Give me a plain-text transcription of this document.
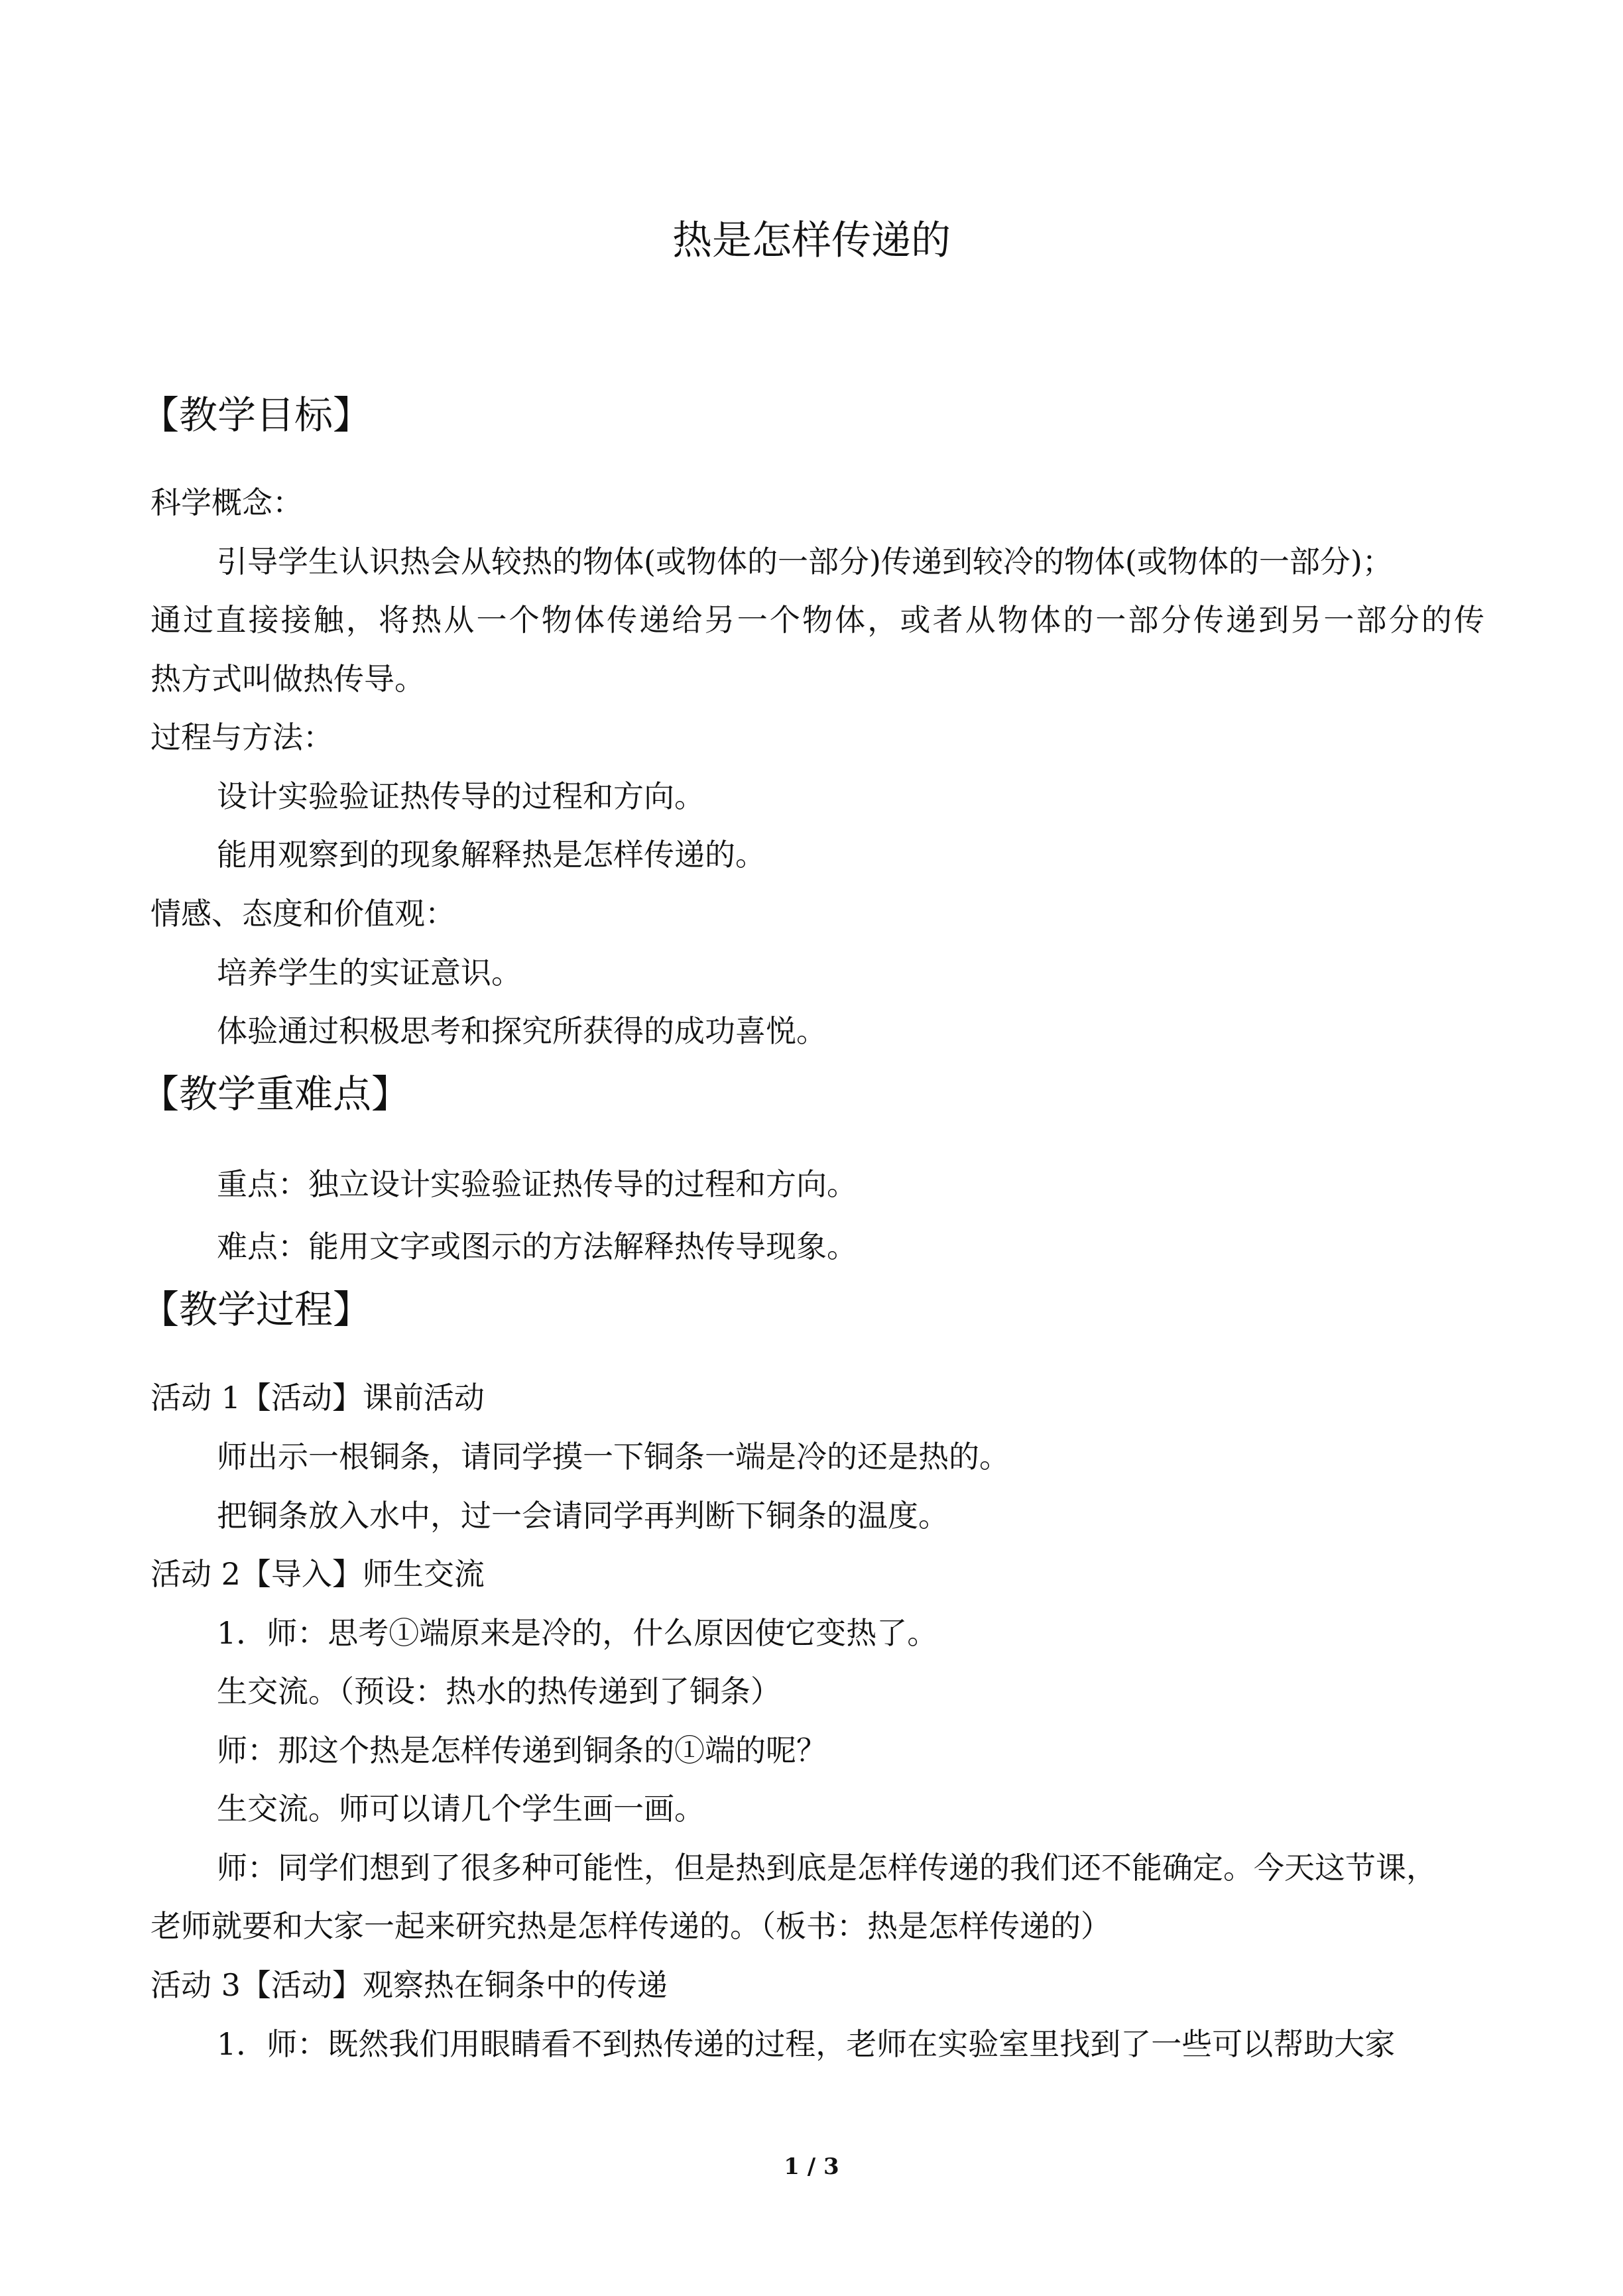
热是怎样传递的
【教学目标】
科学概念：
引导学生认识热会从较热的物体(或物体的一部分)传递到较冷的物体(或物体的一部分)；
通过直接接触，将热从一个物体传递给另一个物体，或者从物体的一部分传递到另一部分的传
热方式叫做热传导。
过程与方法：
设计实验验证热传导的过程和方向。
能用观察到的现象解释热是怎样传递的。
情感、态度和价值观：
培养学生的实证意识。
体验通过积极思考和探究所获得的成功喜悦。
【教学重难点】
重点：独立设计实验验证热传导的过程和方向。
难点：能用文字或图示的方法解释热传导现象。
【教学过程】
活动 1【活动】课前活动
师出示一根铜条，请同学摸一下铜条一端是冷的还是热的。
把铜条放入水中，过一会请同学再判断下铜条的温度。
活动 2【导入】师生交流
1．师：思考①端原来是冷的，什么原因使它变热了。
生交流。（预设：热水的热传递到了铜条）
师：那这个热是怎样传递到铜条的①端的呢？
生交流。师可以请几个学生画一画。
师：同学们想到了很多种可能性，但是热到底是怎样传递的我们还不能确定。今天这节课，
老师就要和大家一起来研究热是怎样传递的。（板书：热是怎样传递的）
活动 3【活动】观察热在铜条中的传递
1．师：既然我们用眼睛看不到热传递的过程，老师在实验室里找到了一些可以帮助大家
1 / 3
